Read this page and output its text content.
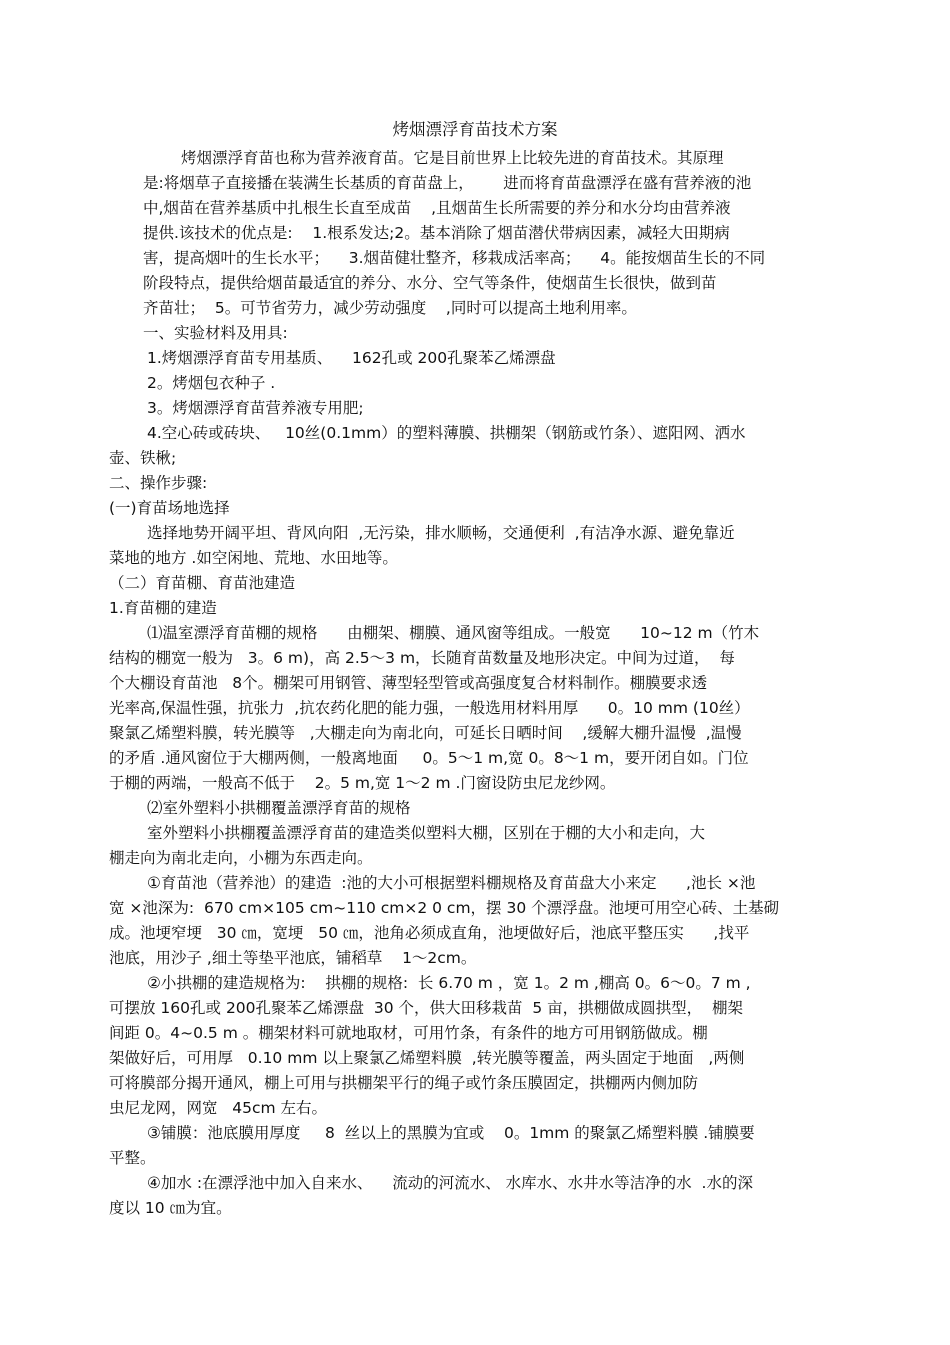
烤烟漂浮育苗技术方案
烤烟漂浮育苗也称为营养液育苗。它是目前世界上比较先进的育苗技术。其原理
是:将烟草子直接播在装满生长基质的育苗盘上，      进而将育苗盘漂浮在盛有营养液的池
中,烟苗在营养基质中扎根生长直至成苗    ,且烟苗生长所需要的养分和水分均由营养液
提供.该技术的优点是:    1.根系发达;2。基本消除了烟苗潜伏带病因素，减轻大田期病
害，提高烟叶的生长水平；    3.烟苗健壮整齐，移栽成活率高；    4。能按烟苗生长的不同
阶段特点，提供给烟苗最适宜的养分、水分、空气等条件，使烟苗生长很快，做到苗
齐苗壮；  5。可节省劳力，减少劳动强度    ,同时可以提高土地利用率。
一、实验材料及用具:
1.烤烟漂浮育苗专用基质、    162孔或 200孔聚苯乙烯漂盘
2。烤烟包衣种子 .
3。烤烟漂浮育苗营养液专用肥;
4.空心砖或砖块、   10丝(0.1mm）的塑料薄膜、拱棚架（钢筋或竹条）、遮阳网、洒水
壶、铁楸;
二、操作步骤:
(一)育苗场地选择
选择地势开阔平坦、背风向阳  ,无污染，排水顺畅，交通便利  ,有洁净水源、避免靠近
菜地的地方 .如空闲地、荒地、水田地等。
（二）育苗棚、育苗池建造
1.育苗棚的建造
⑴温室漂浮育苗棚的规格      由棚架、棚膜、通风窗等组成。一般宽      10~12 m（竹木
结构的棚宽一般为   3。6 m)，高 2.5～3 m，长随育苗数量及地形决定。中间为过道，  每
个大棚设育苗池   8个。棚架可用钢管、薄型轻型管或高强度复合材料制作。棚膜要求透
光率高,保温性强，抗张力  ,抗农药化肥的能力强，一般选用材料用厚      0。10 mm (10丝）
聚氯乙烯塑料膜，转光膜等   ,大棚走向为南北向，可延长日晒时间    ,缓解大棚升温慢  ,温慢
的矛盾 .通风窗位于大棚两侧，一般离地面     0。5～1 m,宽 0。8～1 m，要开闭自如。门位
于棚的两端，一般高不低于    2。5 m,宽 1～2 m .门窗设防虫尼龙纱网。
⑵室外塑料小拱棚覆盖漂浮育苗的规格
室外塑料小拱棚覆盖漂浮育苗的建造类似塑料大棚，区别在于棚的大小和走向，大
棚走向为南北走向，小棚为东西走向。
①育苗池（营养池）的建造  :池的大小可根据塑料棚规格及育苗盘大小来定      ,池长 ×池
宽 ×池深为:  670 cm×105 cm~110 cm×2 0 cm，摆 30 个漂浮盘。池埂可用空心砖、土基砌
成。池埂窄埂   30 ㎝，宽埂   50 ㎝，池角必须成直角，池埂做好后，池底平整压实      ,找平
池底，用沙子 ,细土等垫平池底，铺稻草    1～2cm。
②小拱棚的建造规格为:    拱棚的规格:  长 6.70 m ，宽 1。2 m ,棚高 0。6～0。7 m ,
可摆放 160孔或 200孔聚苯乙烯漂盘  30 个，供大田移栽苗  5 亩，拱棚做成圆拱型，  棚架
间距 0。4~0.5 m 。棚架材料可就地取材，可用竹条，有条件的地方可用钢筋做成。棚
架做好后，可用厚   0.10 mm 以上聚氯乙烯塑料膜  ,转光膜等覆盖，两头固定于地面   ,两侧
可将膜部分揭开通风，棚上可用与拱棚架平行的绳子或竹条压膜固定，拱棚两内侧加防
虫尼龙网，网宽   45cm 左右。
③铺膜：池底膜用厚度     8  丝以上的黑膜为宜或    0。1mm 的聚氯乙烯塑料膜 .铺膜要
平整。
④加水 :在漂浮池中加入自来水、    流动的河流水、 水库水、水井水等洁净的水  .水的深
度以 10 ㎝为宜。
